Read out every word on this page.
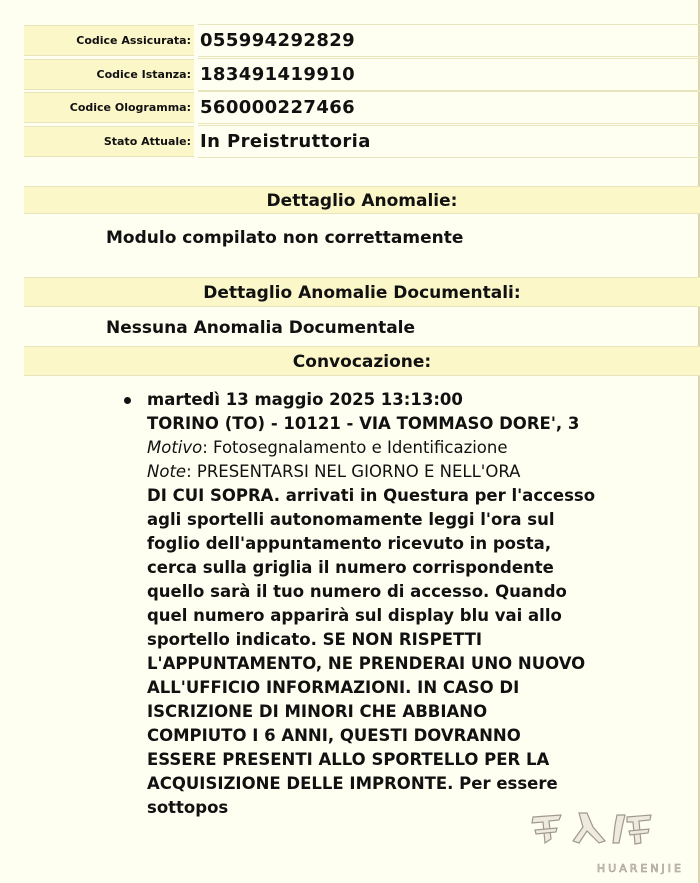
Codice Assicurata: 055994292829
Codice Istanza: 183491419910
Codice Ologramma: 560000227466
Stato Attuale: In Preistruttoria
Dettaglio Anomalie:
Modulo compilato non correttamente
Dettaglio Anomalie Documentali:
Nessuna Anomalia Documentale
Convocazione:
martedì 13 maggio 2025 13:13:00
TORINO (TO) - 10121 - VIA TOMMASO DORE', 3
Motivo: Fotosegnalamento e Identificazione
Note: PRESENTARSI NEL GIORNO E NELL'ORA
DI CUI SOPRA. arrivati in Questura per l'accesso
agli sportelli autonomamente leggi l'ora sul
foglio dell'appuntamento ricevuto in posta,
cerca sulla griglia il numero corrispondente
quello sarà il tuo numero di accesso. Quando
quel numero apparirà sul display blu vai allo
sportello indicato. SE NON RISPETTI
L'APPUNTAMENTO, NE PRENDERAI UNO NUOVO
ALL'UFFICIO INFORMAZIONI. IN CASO DI
ISCRIZIONE DI MINORI CHE ABBIANO
COMPIUTO I 6 ANNI, QUESTI DOVRANNO
ESSERE PRESENTI ALLO SPORTELLO PER LA
ACQUISIZIONE DELLE IMPRONTE. Per essere
sottopos
HUARENJIE
